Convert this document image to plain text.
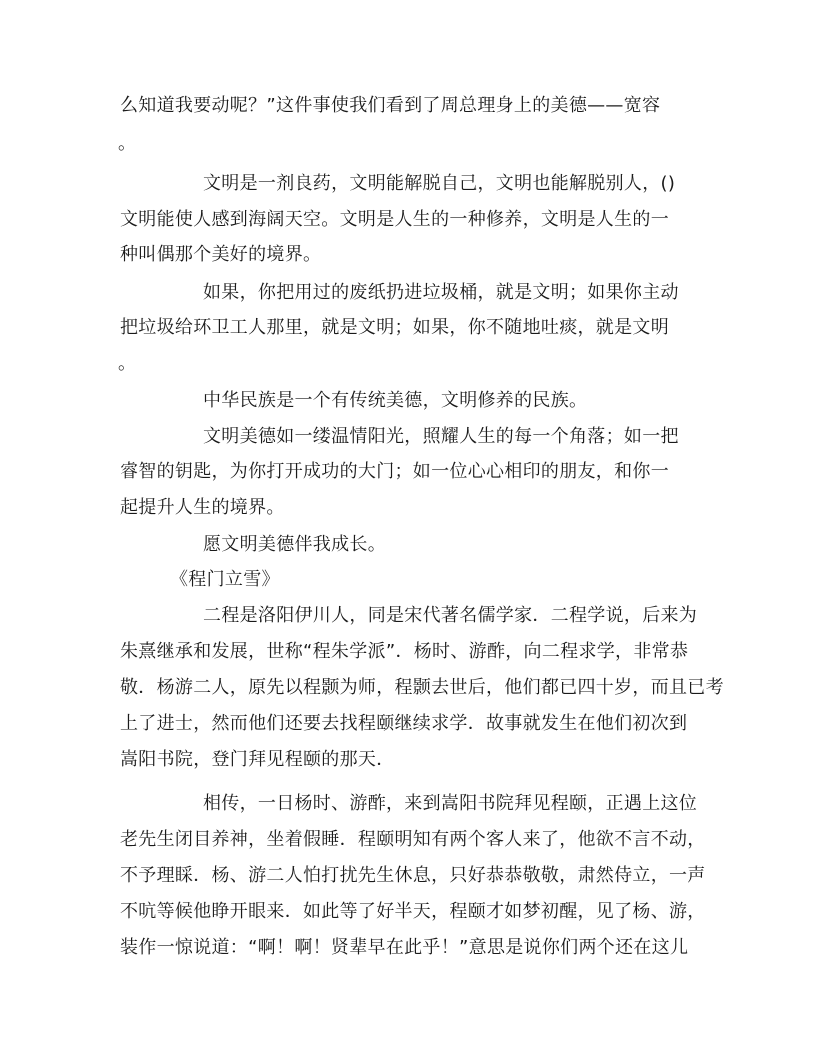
么知道我要动呢？”这件事使我们看到了周总理身上的美德——宽容
。
文明是一剂良药，文明能解脱自己，文明也能解脱别人，()
文明能使人感到海阔天空。文明是人生的一种修养，文明是人生的一
种叫偶那个美好的境界。
如果，你把用过的废纸扔进垃圾桶，就是文明；如果你主动
把垃圾给环卫工人那里，就是文明；如果，你不随地吐痰，就是文明
。
中华民族是一个有传统美德，文明修养的民族。
文明美德如一缕温情阳光，照耀人生的每一个角落；如一把
睿智的钥匙，为你打开成功的大门；如一位心心相印的朋友，和你一
起提升人生的境界。
愿文明美德伴我成长。
《程门立雪》
二程是洛阳伊川人，同是宋代著名儒学家．二程学说，后来为
朱熹继承和发展，世称“程朱学派”．杨时、游酢，向二程求学，非常恭
敬．杨游二人，原先以程颢为师，程颢去世后，他们都已四十岁，而且已考
上了进士，然而他们还要去找程颐继续求学．故事就发生在他们初次到
嵩阳书院，登门拜见程颐的那天．
相传，一日杨时、游酢，来到嵩阳书院拜见程颐，正遇上这位
老先生闭目养神，坐着假睡．程颐明知有两个客人来了，他欲不言不动，
不予理睬．杨、游二人怕打扰先生休息，只好恭恭敬敬，肃然侍立，一声
不吭等候他睁开眼来．如此等了好半天，程颐才如梦初醒，见了杨、游，
装作一惊说道：“啊！啊！贤辈早在此乎！”意思是说你们两个还在这儿
